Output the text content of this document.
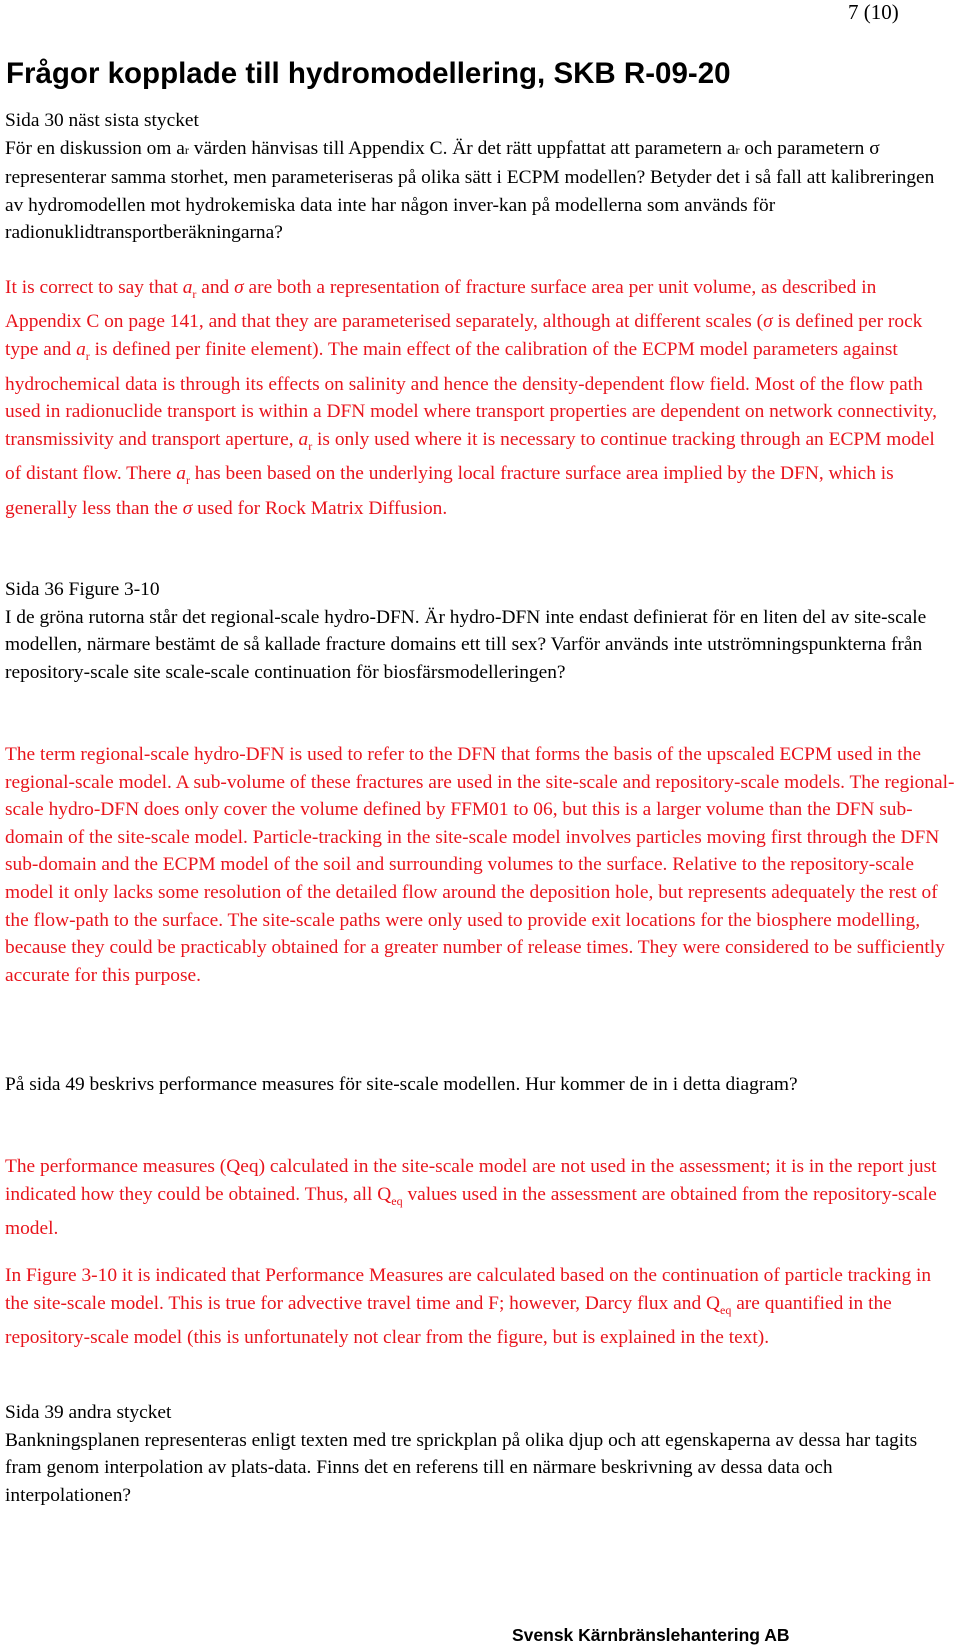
7 (10)
Frågor kopplade till hydromodellering, SKB R-09-20

Sida 30 näst sista stycket
För en diskussion om ar värden hänvisas till Appendix C. Är det rätt uppfattat att parametern ar och parametern σ representerar samma storhet, men parameteriseras på olika sätt i ECPM modellen? Betyder det i så fall att kalibreringen av hydromodellen mot hydrokemiska data inte har någon inver-kan på modellerna som används för radionuklidtransportberäkningarna?

It is correct to say that $a_r$ and σ are both a representation of fracture surface area per unit volume, as described in Appendix C on page 141, and that they are parameterised separately, although at different scales (σ is defined per rock type and $a_r$ is defined per finite element). The main effect of the calibration of the ECPM model parameters against hydrochemical data is through its effects on salinity and hence the density-dependent flow field. Most of the flow path used in radionuclide transport is within a DFN model where transport properties are dependent on network connectivity, transmissivity and transport aperture, $a_r$ is only used where it is necessary to continue tracking through an ECPM model of distant flow. There $a_r$ has been based on the underlying local fracture surface area implied by the DFN, which is generally less than the σ used for Rock Matrix Diffusion.

Sida 36 Figure 3-10
I de gröna rutorna står det regional-scale hydro-DFN. Är hydro-DFN inte endast definierat för en liten del av site-scale modellen, närmare bestämt de så kallade fracture domains ett till sex? Varför används inte utströmningspunkterna från repository-scale site scale-scale continuation för biosfärsmodelleringen?

The term regional-scale hydro-DFN is used to refer to the DFN that forms the basis of the upscaled ECPM used in the regional-scale model. A sub-volume of these fractures are used in the site-scale and repository-scale models. The regional-scale hydro-DFN does only cover the volume defined by FFM01 to 06, but this is a larger volume than the DFN sub-domain of the site-scale model. Particle-tracking in the site-scale model involves particles moving first through the DFN sub-domain and the ECPM model of the soil and surrounding volumes to the surface. Relative to the repository-scale model it only lacks some resolution of the detailed flow around the deposition hole, but represents adequately the rest of the flow-path to the surface. The site-scale paths were only used to provide exit locations for the biosphere modelling, because they could be practicably obtained for a greater number of release times. They were considered to be sufficiently accurate for this purpose.

På sida 49 beskrivs performance measures för site-scale modellen. Hur kommer de in i detta diagram?

The performance measures (Qeq) calculated in the site-scale model are not used in the assessment; it is in the report just indicated how they could be obtained. Thus, all $Q_{eq}$ values used in the assessment are obtained from the repository-scale model.

In Figure 3-10 it is indicated that Performance Measures are calculated based on the continuation of particle tracking in the site-scale model. This is true for advective travel time and F; however, Darcy flux and $Q_{eq}$ are quantified in the repository-scale model (this is unfortunately not clear from the figure, but is explained in the text).

Sida 39 andra stycket
Bankningsplanen representeras enligt texten med tre sprickplan på olika djup och att egenskaperna av dessa har tagits fram genom interpolation av plats-data. Finns det en referens till en närmare beskrivning av dessa data och interpolationen?

Svensk Kärnbränslehantering AB
